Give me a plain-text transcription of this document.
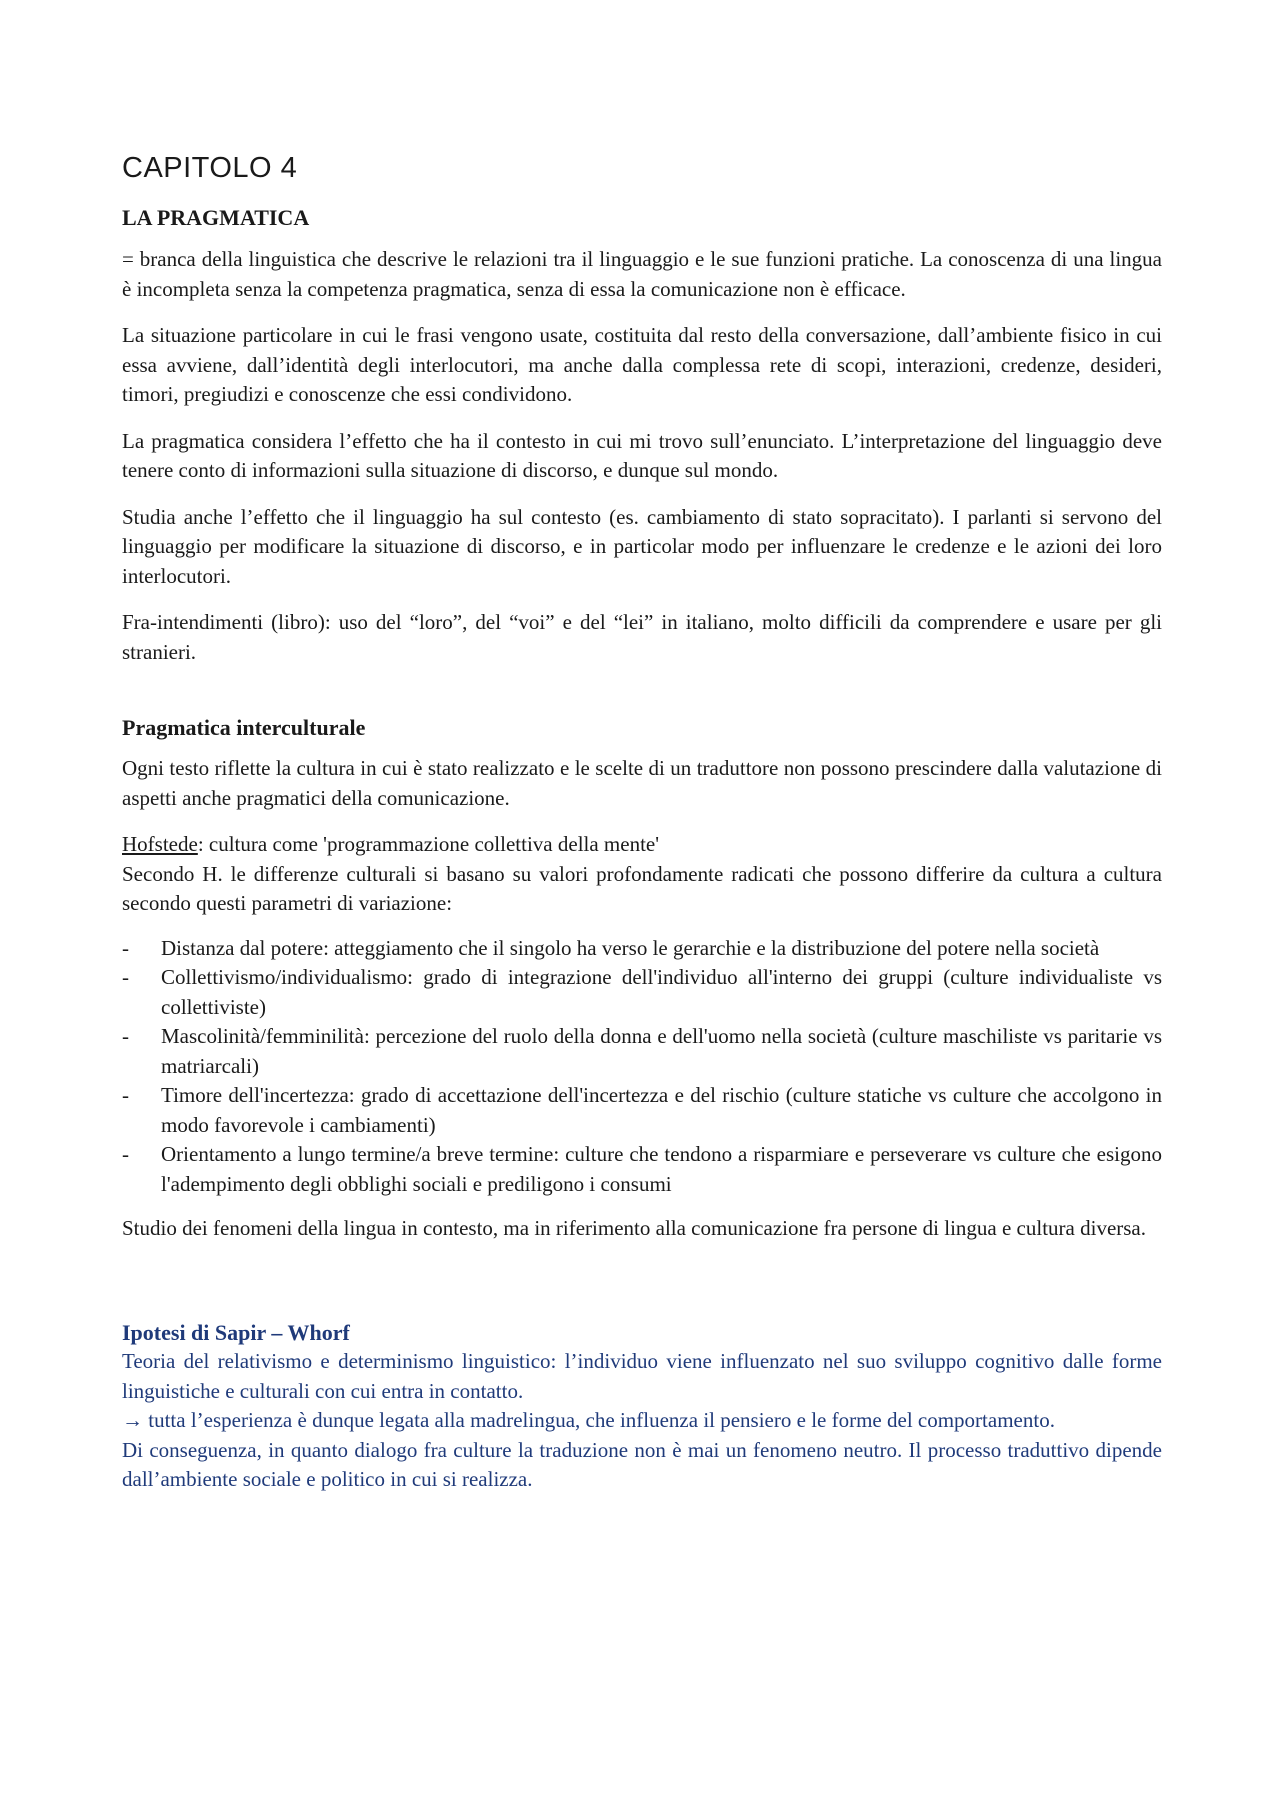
CAPITOLO 4
LA PRAGMATICA

= branca della linguistica che descrive le relazioni tra il linguaggio e le sue funzioni pratiche. La conoscenza di una lingua è incompleta senza la competenza pragmatica, senza di essa la comunicazione non è efficace.

La situazione particolare in cui le frasi vengono usate, costituita dal resto della conversazione, dall’ambiente fisico in cui essa avviene, dall’identità degli interlocutori, ma anche dalla complessa rete di scopi, interazioni, credenze, desideri, timori, pregiudizi e conoscenze che essi condividono.

La pragmatica considera l’effetto che ha il contesto in cui mi trovo sull’enunciato. L’interpretazione del linguaggio deve tenere conto di informazioni sulla situazione di discorso, e dunque sul mondo.

Studia anche l’effetto che il linguaggio ha sul contesto (es. cambiamento di stato sopracitato). I parlanti si servono del linguaggio per modificare la situazione di discorso, e in particolar modo per influenzare le credenze e le azioni dei loro interlocutori.

Fra-intendimenti (libro): uso del “loro”, del “voi” e del “lei” in italiano, molto difficili da comprendere e usare per gli stranieri.

Pragmatica interculturale

Ogni testo riflette la cultura in cui è stato realizzato e le scelte di un traduttore non possono prescindere dalla valutazione di aspetti anche pragmatici della comunicazione.

Hofstede: cultura come 'programmazione collettiva della mente'

Secondo H. le differenze culturali si basano su valori profondamente radicati che possono differire da cultura a cultura secondo questi parametri di variazione:

- Distanza dal potere: atteggiamento che il singolo ha verso le gerarchie e la distribuzione del potere nella società
- Collettivismo/individualismo: grado di integrazione dell'individuo all'interno dei gruppi (culture individualiste vs collettiviste)
- Mascolinità/femminilità: percezione del ruolo della donna e dell'uomo nella società (culture maschiliste vs paritarie vs matriarcali)
- Timore dell'incertezza: grado di accettazione dell'incertezza e del rischio (culture statiche vs culture che accolgono in modo favorevole i cambiamenti)
- Orientamento a lungo termine/a breve termine: culture che tendono a risparmiare e perseverare vs culture che esigono l'adempimento degli obblighi sociali e prediligono i consumi

Studio dei fenomeni della lingua in contesto, ma in riferimento alla comunicazione fra persone di lingua e cultura diversa.

Ipotesi di Sapir – Whorf

Teoria del relativismo e determinismo linguistico: l’individuo viene influenzato nel suo sviluppo cognitivo dalle forme linguistiche e culturali con cui entra in contatto.

→ tutta l’esperienza è dunque legata alla madrelingua, che influenza il pensiero e le forme del comportamento.

Di conseguenza, in quanto dialogo fra culture la traduzione non è mai un fenomeno neutro. Il processo traduttivo dipende dall’ambiente sociale e politico in cui si realizza.
